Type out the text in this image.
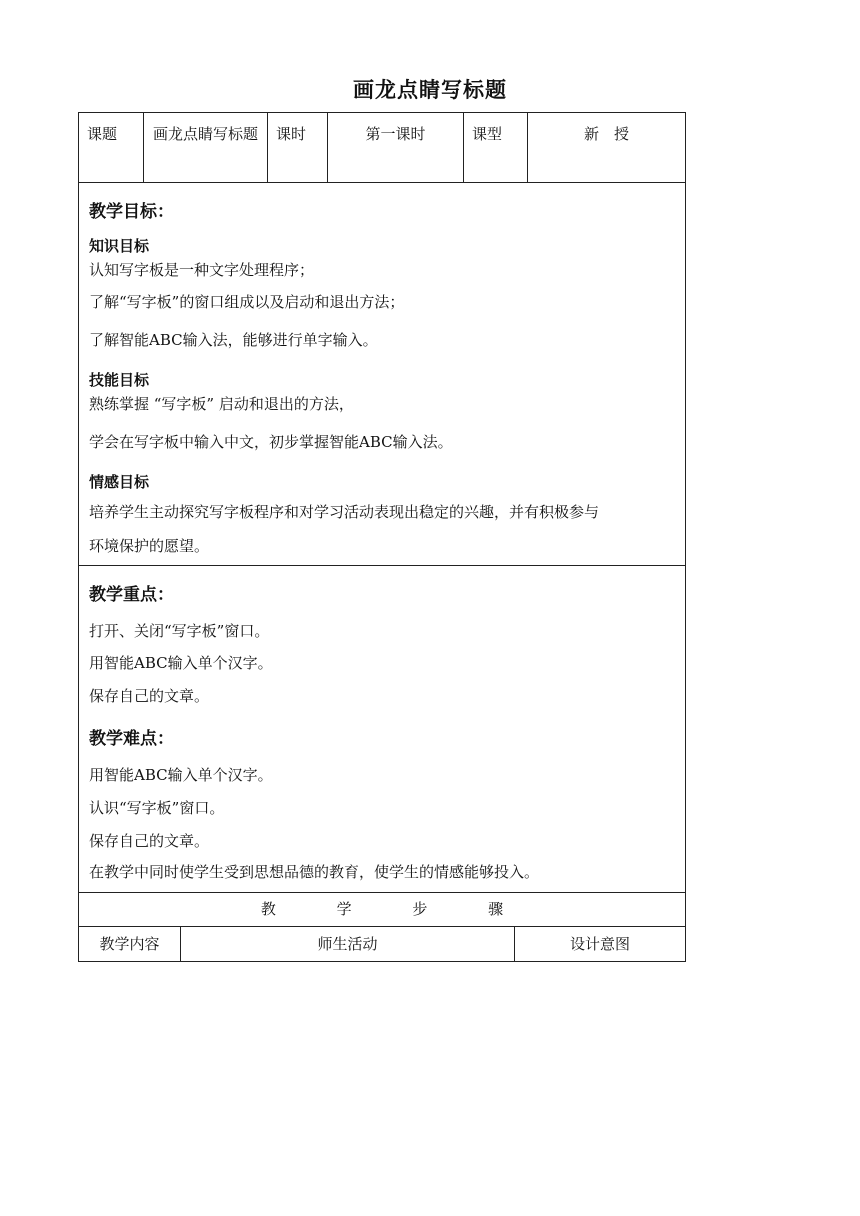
画龙点睛写标题
课题	画龙点睛写标题	课时	第一课时	课型	新　授
教学目标：
知识目标
认知写字板是一种文字处理程序；
了解“写字板”的窗口组成以及启动和退出方法；
了解智能ABC输入法，能够进行单字输入。
技能目标
熟练掌握 “写字板” 启动和退出的方法，
学会在写字板中输入中文，初步掌握智能ABC输入法。
情感目标
培养学生主动探究写字板程序和对学习活动表现出稳定的兴趣，并有积极参与
环境保护的愿望。
教学重点：
打开、关闭“写字板”窗口。
用智能ABC输入单个汉字。
保存自己的文章。
教学难点：
用智能ABC输入单个汉字。
认识“写字板”窗口。
保存自己的文章。
在教学中同时使学生受到思想品德的教育，使学生的情感能够投入。
教 学 步 骤
教学内容	师生活动	设计意图
